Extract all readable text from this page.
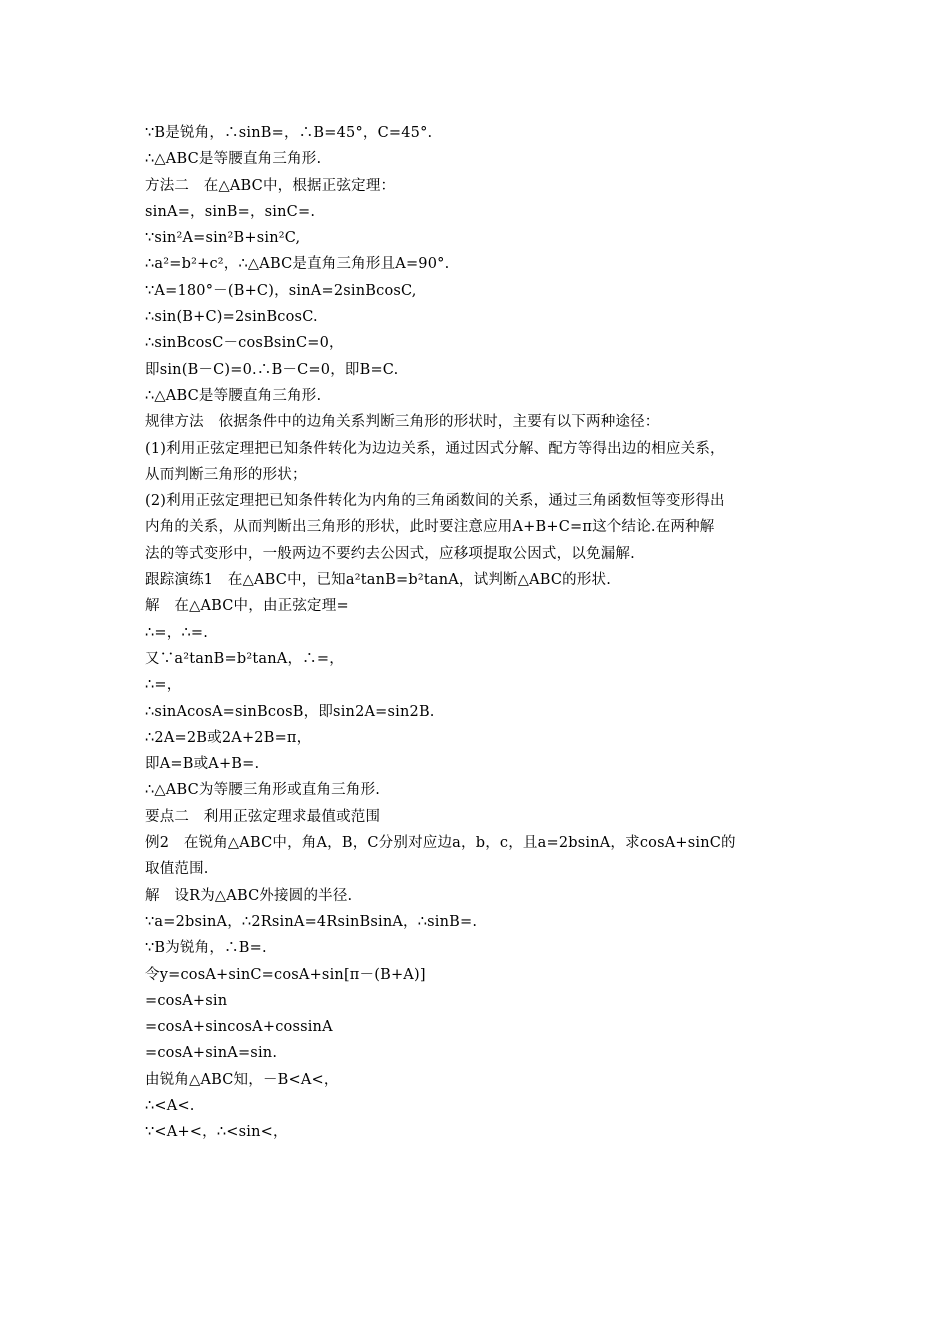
∵B是锐角，∴sinB=，∴B=45°，C=45°.
∴△ABC是等腰直角三角形.
方法二　在△ABC中，根据正弦定理：
sinA=，sinB=，sinC=.
∵sin²A=sin²B+sin²C,
∴a²=b²+c²，∴△ABC是直角三角形且A=90°.
∵A=180°－(B+C)，sinA=2sinBcosC,
∴sin(B+C)=2sinBcosC.
∴sinBcosC－cosBsinC=0，
即sin(B－C)=0.∴B－C=0，即B=C.
∴△ABC是等腰直角三角形.
规律方法　依据条件中的边角关系判断三角形的形状时，主要有以下两种途径：
(1)利用正弦定理把已知条件转化为边边关系，通过因式分解、配方等得出边的相应关系，
从而判断三角形的形状；
(2)利用正弦定理把已知条件转化为内角的三角函数间的关系，通过三角函数恒等变形得出
内角的关系，从而判断出三角形的形状，此时要注意应用A+B+C=π这个结论.在两种解
法的等式变形中，一般两边不要约去公因式，应移项提取公因式，以免漏解.
跟踪演练1　在△ABC中，已知a²tanB=b²tanA，试判断△ABC的形状.
解　在△ABC中，由正弦定理=
∴=，∴=.
又∵a²tanB=b²tanA，∴=，
∴=，
∴sinAcosA=sinBcosB，即sin2A=sin2B.
∴2A=2B或2A+2B=π，
即A=B或A+B=.
∴△ABC为等腰三角形或直角三角形.
要点二　利用正弦定理求最值或范围
例2　在锐角△ABC中，角A，B，C分别对应边a，b，c，且a=2bsinA，求cosA+sinC的
取值范围.
解　设R为△ABC外接圆的半径.
∵a=2bsinA，∴2RsinA=4RsinBsinA，∴sinB=.
∵B为锐角，∴B=.
令y=cosA+sinC=cosA+sin[π－(B+A)]
=cosA+sin
=cosA+sincosA+cossinA
=cosA+sinA=sin.
由锐角△ABC知，－B<A<，
∴<A<.
∵<A+<，∴<sin<，
